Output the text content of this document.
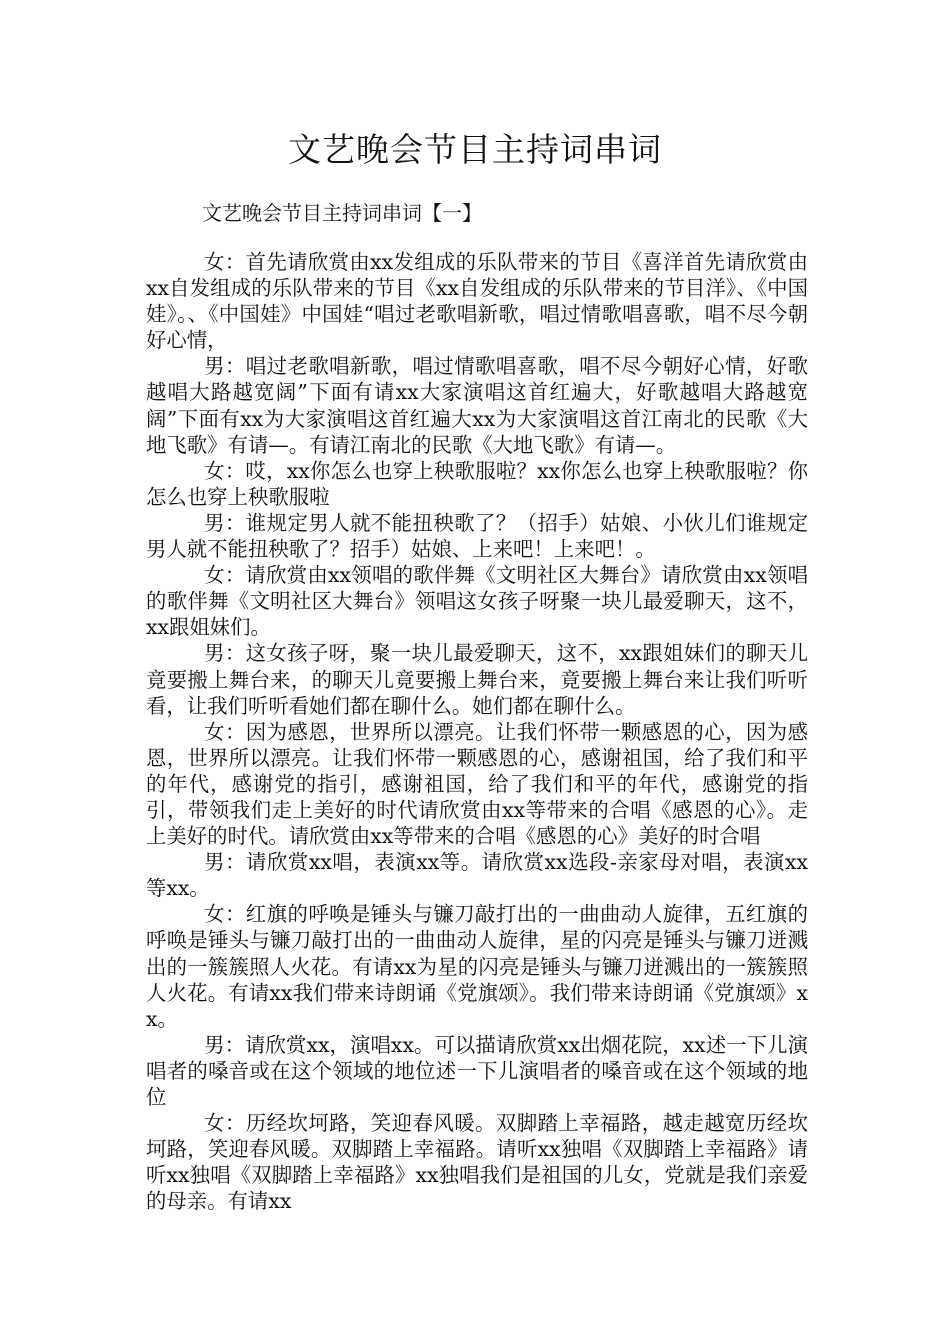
文艺晚会节目主持词串词
文艺晚会节目主持词串词【一】

女：首先请欣赏由xx发组成的乐队带来的节目《喜洋首先请欣赏由xx自发组成的乐队带来的节目《xx自发组成的乐队带来的节目洋》、《中国娃》。、《中国娃》中国娃“唱过老歌唱新歌，唱过情歌唱喜歌，唱不尽今朝好心情，

男：唱过老歌唱新歌，唱过情歌唱喜歌，唱不尽今朝好心情，好歌越唱大路越宽阔”下面有请xx大家演唱这首红遍大，好歌越唱大路越宽阔”下面有xx为大家演唱这首红遍大xx为大家演唱这首江南北的民歌《大地飞歌》有请—。有请江南北的民歌《大地飞歌》有请—。

女：哎，xx你怎么也穿上秧歌服啦？xx你怎么也穿上秧歌服啦？你怎么也穿上秧歌服啦

男：谁规定男人就不能扭秧歌了？（招手）姑娘、小伙儿们谁规定男人就不能扭秧歌了？招手）姑娘、上来吧！上来吧！。

女：请欣赏由xx领唱的歌伴舞《文明社区大舞台》请欣赏由xx领唱的歌伴舞《文明社区大舞台》领唱这女孩子呀聚一块儿最爱聊天，这不，xx跟姐妹们。

男：这女孩子呀，聚一块儿最爱聊天，这不，xx跟姐妹们的聊天儿竟要搬上舞台来，的聊天儿竟要搬上舞台来，竟要搬上舞台来让我们听听看，让我们听听看她们都在聊什么。她们都在聊什么。

女：因为感恩，世界所以漂亮。让我们怀带一颗感恩的心，因为感恩，世界所以漂亮。让我们怀带一颗感恩的心，感谢祖国，给了我们和平的年代，感谢党的指引，感谢祖国，给了我们和平的年代，感谢党的指引，带领我们走上美好的时代请欣赏由xx等带来的合唱《感恩的心》。走上美好的时代。请欣赏由xx等带来的合唱《感恩的心》美好的时合唱

男：请欣赏xx唱，表演xx等。请欣赏xx选段-亲家母对唱，表演xx等xx。

女：红旗的呼唤是锤头与镰刀敲打出的一曲曲动人旋律，五红旗的呼唤是锤头与镰刀敲打出的一曲曲动人旋律，星的闪亮是锤头与镰刀迸溅出的一簇簇照人火花。有请xx为星的闪亮是锤头与镰刀迸溅出的一簇簇照人火花。有请xx我们带来诗朗诵《党旗颂》。我们带来诗朗诵《党旗颂》xx。

男：请欣赏xx，演唱xx。可以描请欣赏xx出烟花院，xx述一下儿演唱者的嗓音或在这个领域的地位述一下儿演唱者的嗓音或在这个领域的地位

女：历经坎坷路，笑迎春风暖。双脚踏上幸福路，越走越宽历经坎坷路，笑迎春风暖。双脚踏上幸福路。请听xx独唱《双脚踏上幸福路》请听xx独唱《双脚踏上幸福路》xx独唱我们是祖国的儿女，党就是我们亲爱的母亲。有请xx
